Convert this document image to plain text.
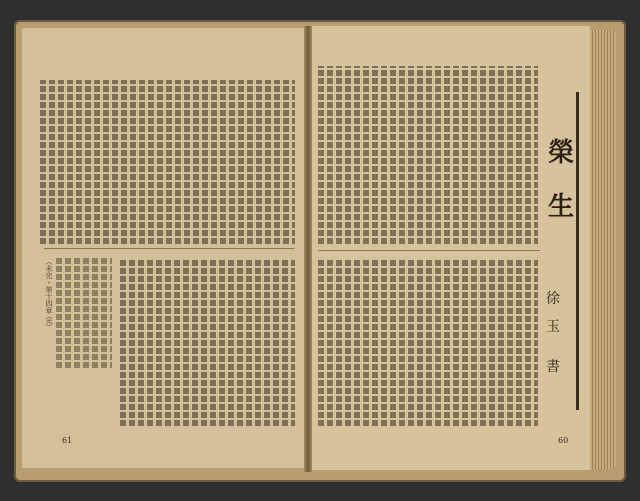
榮
生
徐
玉
書
61	60
（未完・第十四章 完）
